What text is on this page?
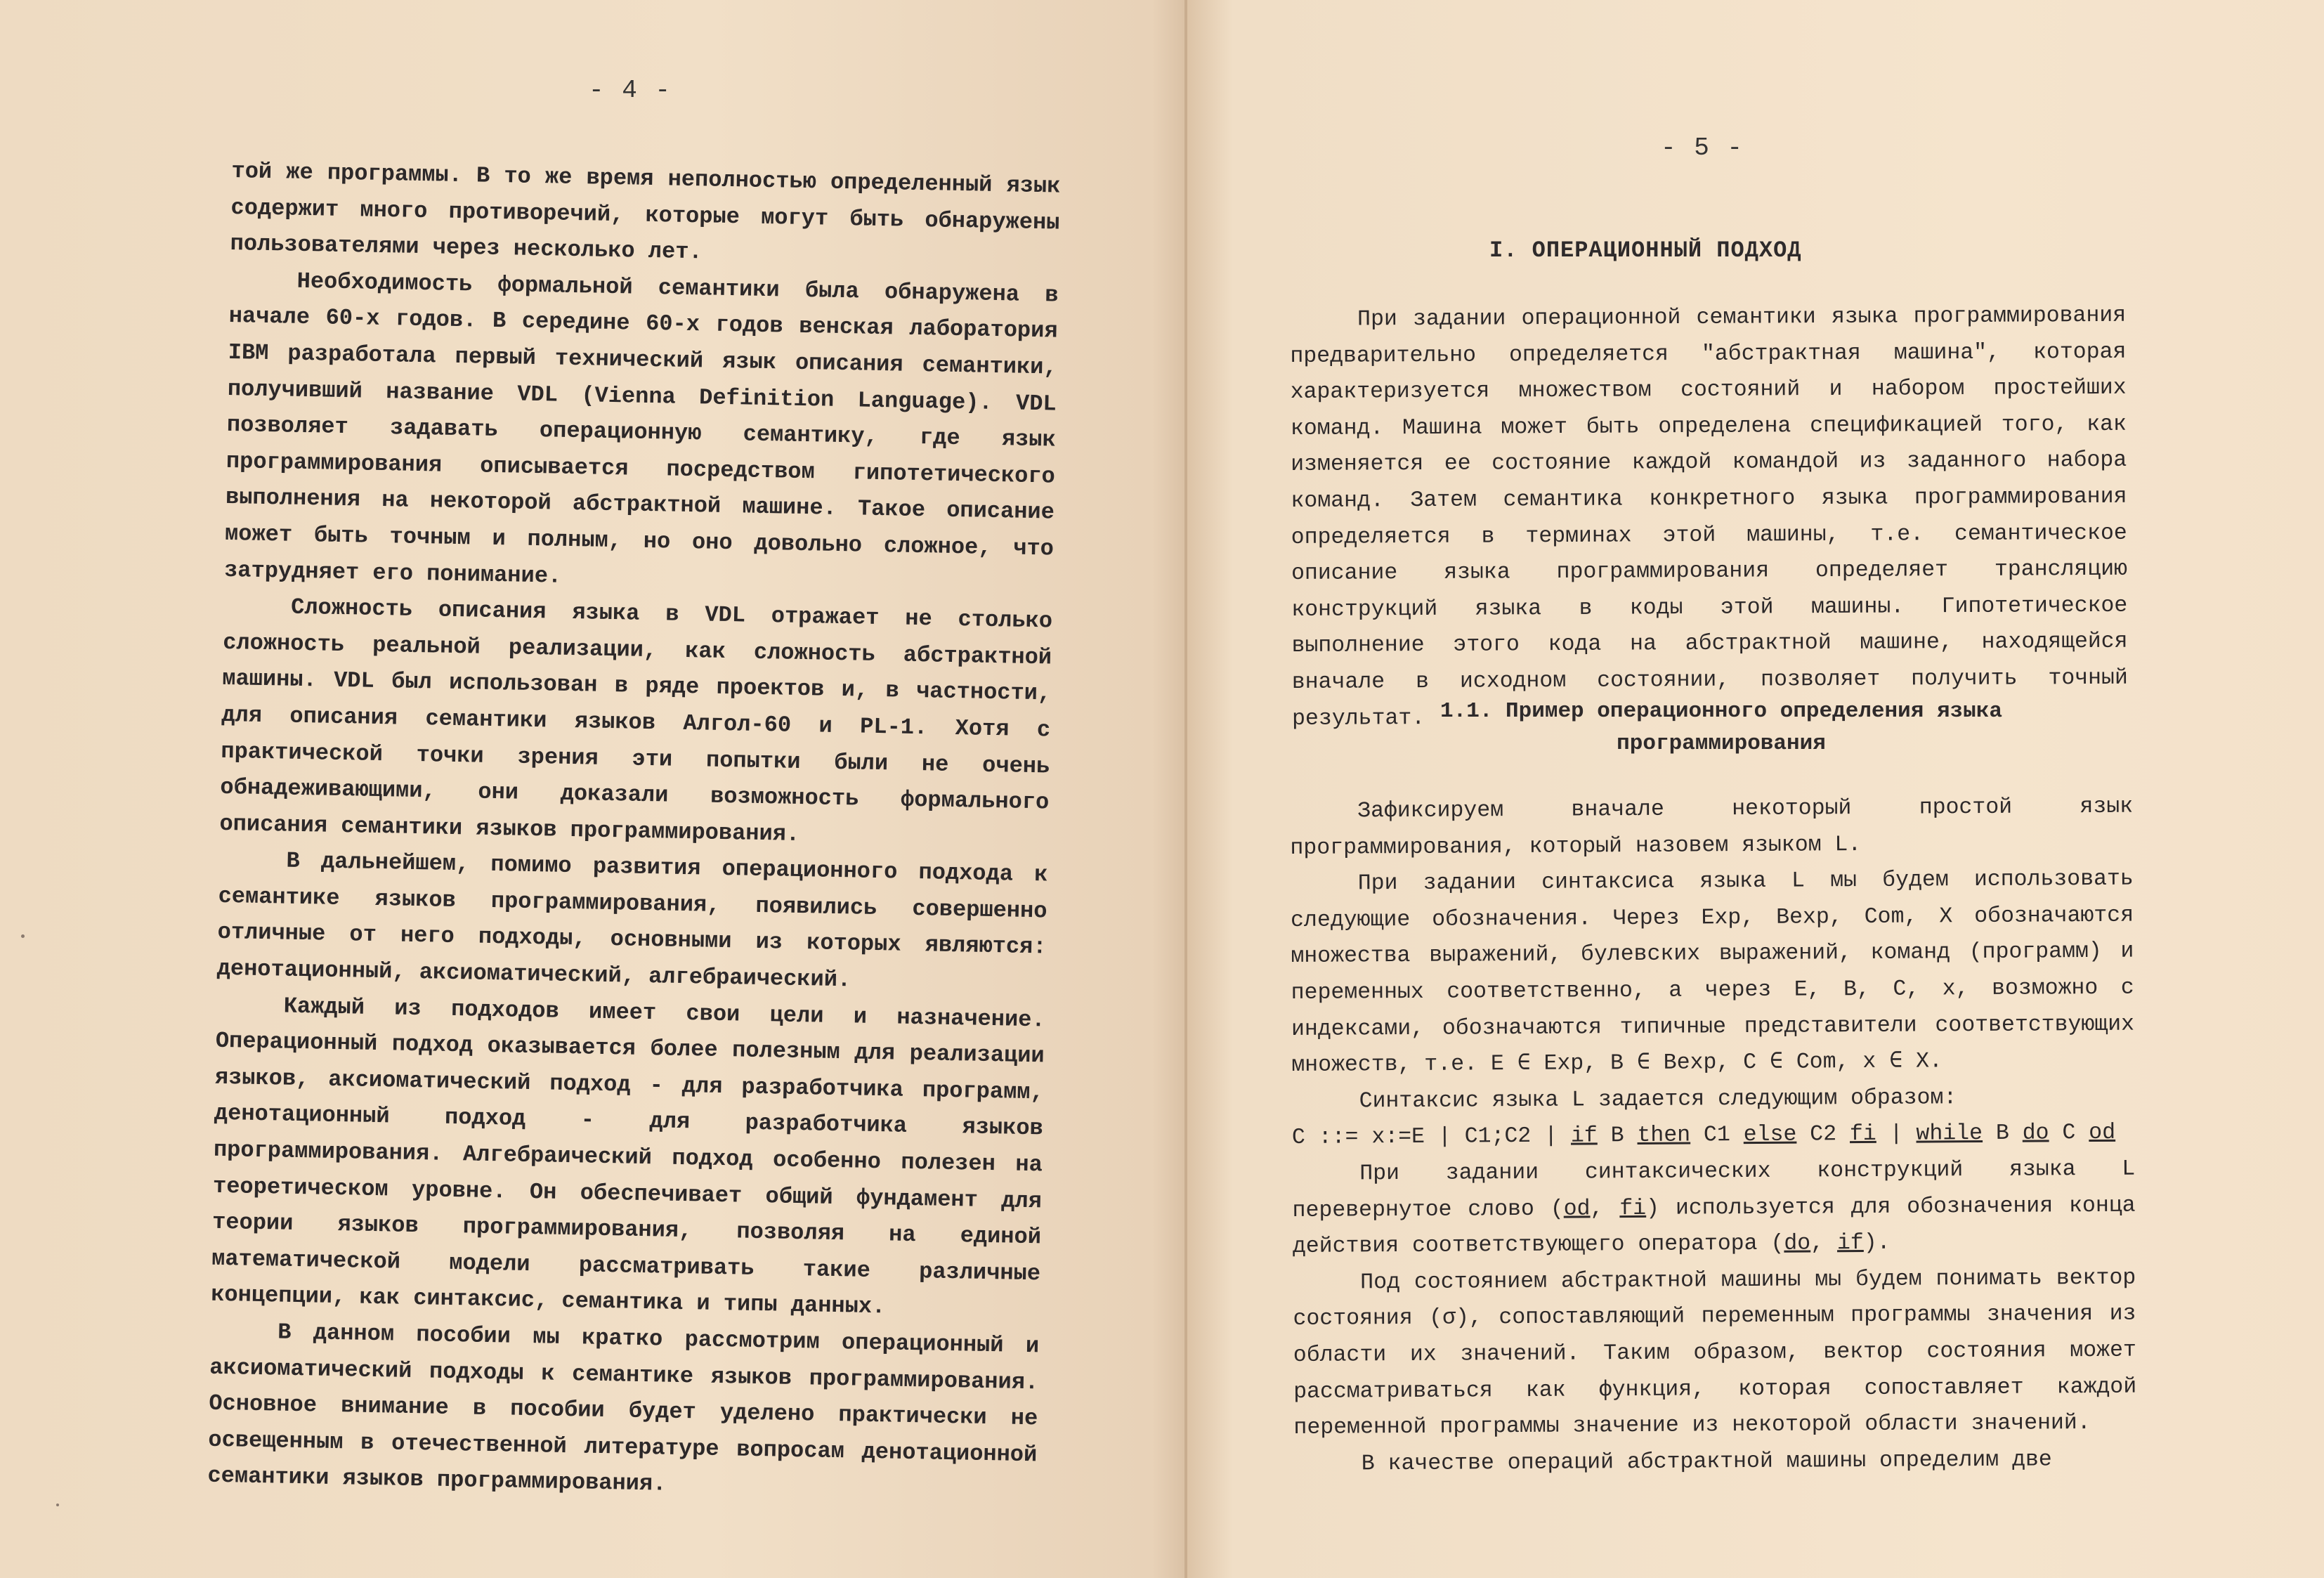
- 4 -

той же программы. В то же время неполностью определенный язык содержит много противоречий, которые могут быть обнаружены пользователями через несколько лет.

Необходимость формальной семантики была обнаружена в начале 60-х годов. В середине 60-х годов венская лаборатория IBM разработала первый технический язык описания семантики, получивший название VDL (Vienna Definition Language). VDL позволяет задавать операционную семантику, где язык программирования описывается посредством гипотетического выполнения на некоторой абстрактной машине. Такое описание может быть точным и полным, но оно довольно сложное, что затрудняет его понимание.

Сложность описания языка в VDL отражает не столько сложность реальной реализации, как сложность абстрактной машины. VDL был использован в ряде проектов и, в частности, для описания семантики языков Алгол-60 и PL-1. Хотя с практической точки зрения эти попытки были не очень обнадеживающими, они доказали возможность формального описания семантики языков программирования.

В дальнейшем, помимо развития операционного подхода к семантике языков программирования, появились совершенно отличные от него подходы, основными из которых являются: денотационный, аксиоматический, алгебраический.

Каждый из подходов имеет свои цели и назначение. Операционный подход оказывается более полезным для реализации языков, аксиоматический подход - для разработчика программ, денотационный подход - для разработчика языков программирования. Алгебраический подход особенно полезен на теоретическом уровне. Он обеспечивает общий фундамент для теории языков программирования, позволяя на единой математической модели рассматривать такие различные концепции, как синтаксис, семантика и типы данных.

В данном пособии мы кратко рассмотрим операционный и аксиоматический подходы к семантике языков программирования. Основное внимание в пособии будет уделено практически не освещенным в отечественной литературе вопросам денотационной семантики языков программирования.

- 5 -
I. ОПЕРАЦИОННЫЙ ПОДХОД

При задании операционной семантики языка программирования предварительно определяется "абстрактная машина", которая характеризуется множеством состояний и набором простейших команд. Машина может быть определена спецификацией того, как изменяется ее состояние каждой командой из заданного набора команд. Затем семантика конкретного языка программирования определяется в терминах этой машины, т.е. семантическое описание языка программирования определяет трансляцию конструкций языка в коды этой машины. Гипотетическое выполнение этого кода на абстрактной машине, находящейся вначале в исходном состоянии, позволяет получить точный результат. 1.1. Пример операционного определения языка
программирования

Зафиксируем вначале некоторый простой язык программирования, который назовем языком L.

При задании синтаксиса языка L мы будем использовать следующие обозначения. Через Exp, Bexp, Com, X обозначаются множества выражений, булевских выражений, команд (программ) и переменных соответственно, а через E, B, C, x, возможно с индексами, обозначаются типичные представители соответствующих множеств, т.е. E ∈ Exp, B ∈ Bexp, C ∈ Com, x ∈ X.

Синтаксис языка L задается следующим образом:

C ::= x:=E | C1;C2 | if B then C1 else C2 fi | while B do C od

При задании синтаксических конструкций языка L перевернутое слово (od, fi) используется для обозначения конца действия соответствующего оператора (do, if).

Под состоянием абстрактной машины мы будем понимать вектор состояния (σ), сопоставляющий переменным программы значения из области их значений. Таким образом, вектор состояния может рассматриваться как функция, которая сопоставляет каждой переменной программы значение из некоторой области значений.

В качестве операций абстрактной машины определим две
